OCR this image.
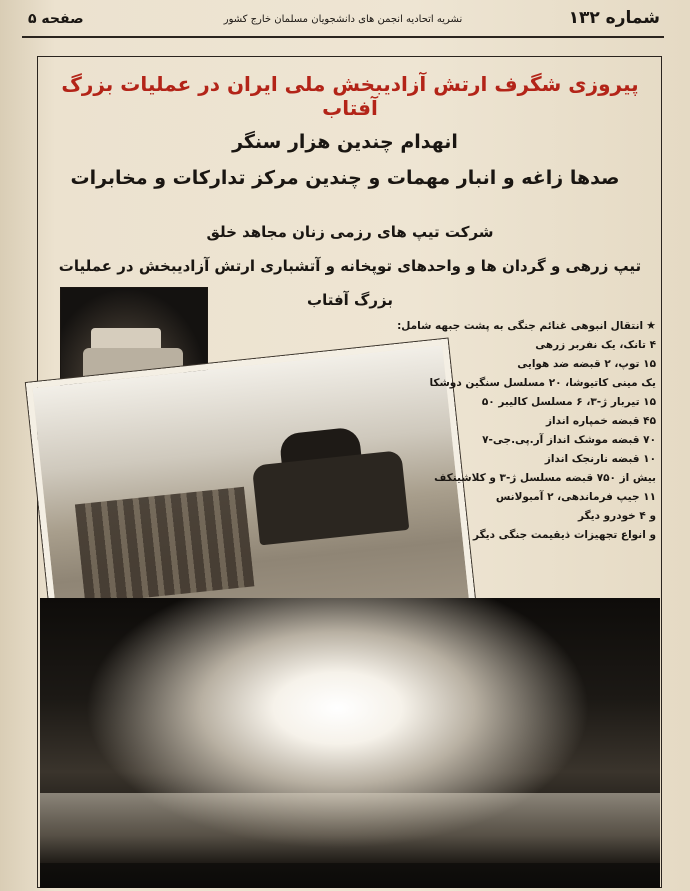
شماره ۱۳۲
نشریه اتحادیه انجمن های دانشجویان مسلمان خارج کشور
صفحه ۵
پیروزی شگرف ارتش آزادیبخش ملی ایران در عملیات بزرگ آفتاب
انهدام چندین هزار سنگر
صدها زاغه و انبار مهمات و چندین مرکز تدارکات و مخابرات
شرکت تیپ های رزمی زنان مجاهد خلق
تیپ زرهی و گردان ها و واحدهای توپخانه و آتشباری ارتش آزادیبخش در عملیات بزرگ آفتاب
★انتقال انبوهی غنائم جنگی به پشت جبهه شامل:
۴ تانک، یک نفربر زرهی
۱۵ توپ، ۲ قبضه ضد هوایی
یک مینی کاتیوشا، ۲۰ مسلسل سنگین دوشکا
۱۵ تیربار ژ-۳، ۶ مسلسل کالیبر ۵۰
۴۵ قبضه خمپاره انداز
۷۰ قبضه موشک انداز آر.پی.جی-۷
۱۰ قبضه نارنجک انداز
بیش از ۷۵۰ قبضه مسلسل ژ-۳ و کلاشینکف
۱۱ جیپ فرماندهی، ۲ آمبولانس
و ۴ خودرو دیگر
و انواع تجهیزات ذیقیمت جنگی دیگر
